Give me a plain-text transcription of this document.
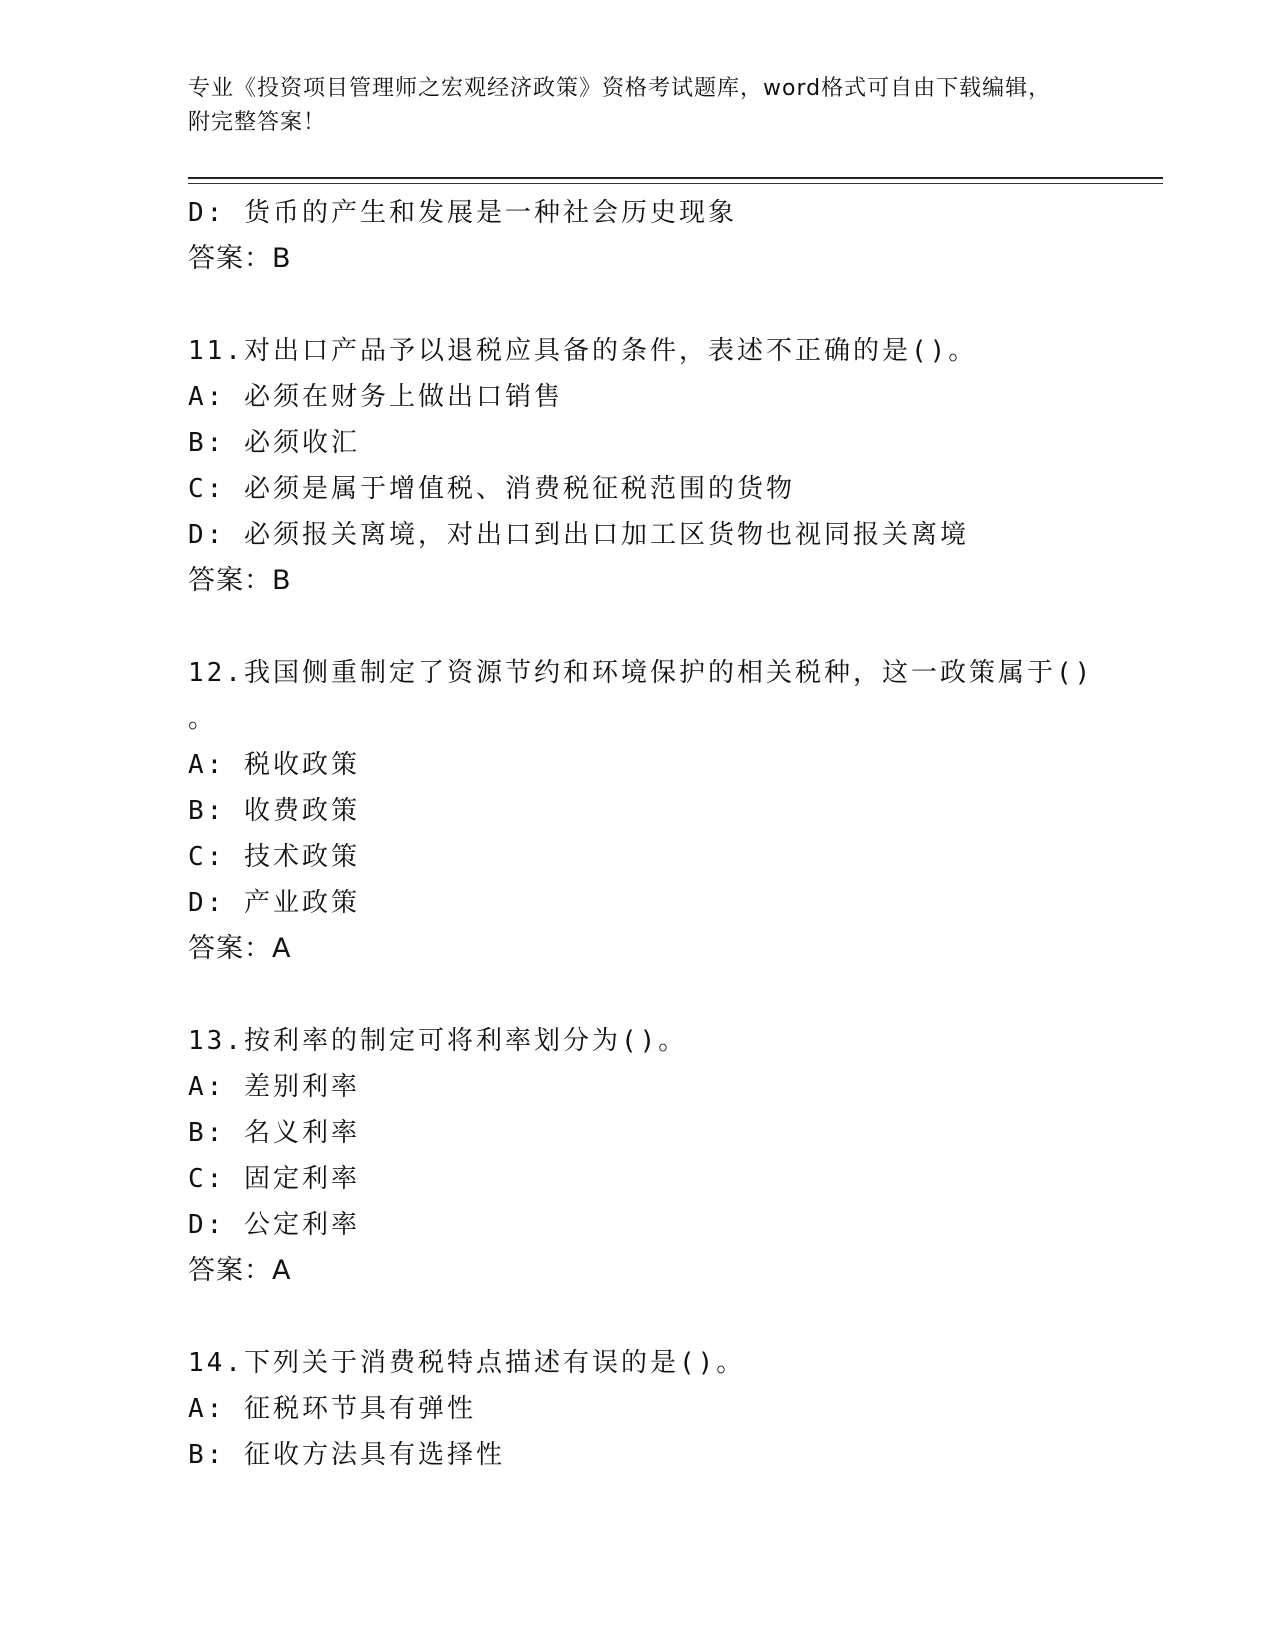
专业《投资项目管理师之宏观经济政策》资格考试题库，word格式可自由下载编辑，附完整答案！
D: 货币的产生和发展是一种社会历史现象
答案：B
11.对出口产品予以退税应具备的条件，表述不正确的是()。
A: 必须在财务上做出口销售
B: 必须收汇
C: 必须是属于增值税、消费税征税范围的货物
D: 必须报关离境，对出口到出口加工区货物也视同报关离境
答案：B
12.我国侧重制定了资源节约和环境保护的相关税种，这一政策属于()
。
A: 税收政策
B: 收费政策
C: 技术政策
D: 产业政策
答案：A
13.按利率的制定可将利率划分为()。
A: 差别利率
B: 名义利率
C: 固定利率
D: 公定利率
答案：A
14.下列关于消费税特点描述有误的是()。
A: 征税环节具有弹性
B: 征收方法具有选择性
